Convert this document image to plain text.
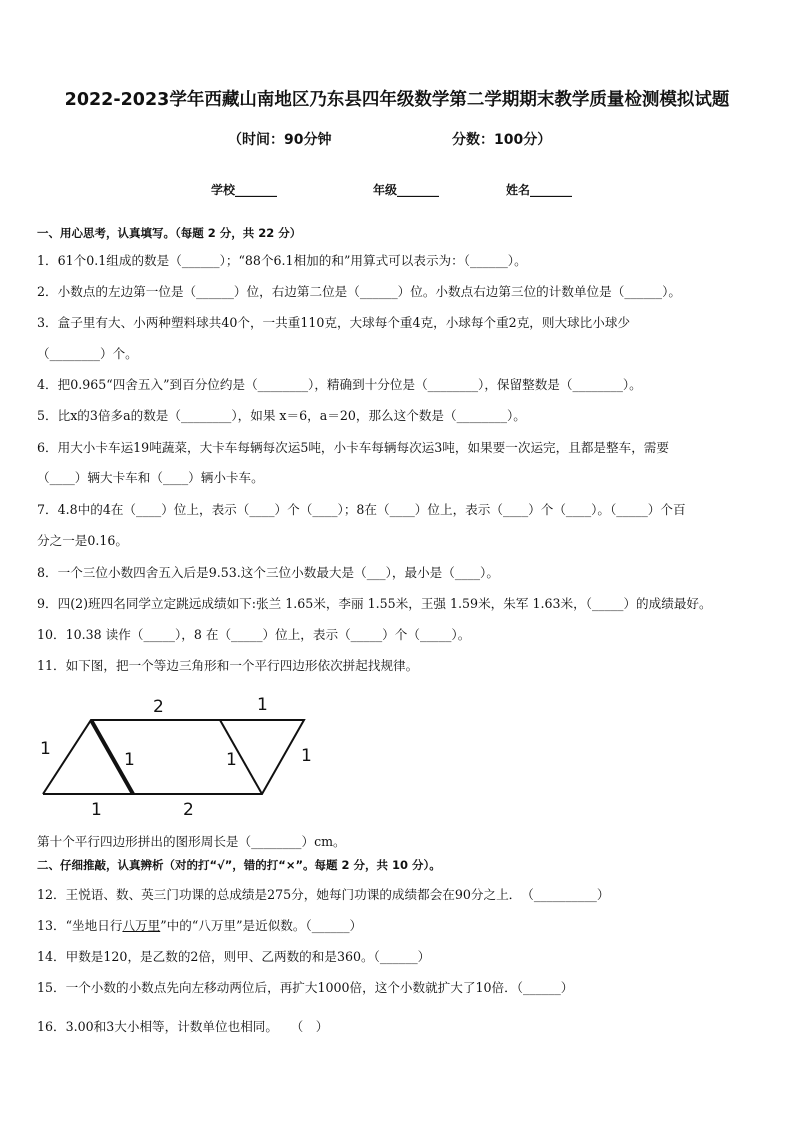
2022-2023学年西藏山南地区乃东县四年级数学第二学期期末教学质量检测模拟试题
（时间：90分钟	分数：100分）
学校_______	年级_______	姓名_______
一、用心思考，认真填写。（每题 2 分，共 22 分）
1．61个0.1组成的数是（______）；“88个6.1相加的和”用算式可以表示为：（______）。
2．小数点的左边第一位是（______）位，右边第二位是（______）位。小数点右边第三位的计数单位是（______）。
3．盒子里有大、小两种塑料球共40个，一共重110克，大球每个重4克，小球每个重2克，则大球比小球少
（________）个。
4．把0.965“四舍五入”到百分位约是（________），精确到十分位是（________），保留整数是（________）。
5．比x的3倍多a的数是（________），如果 x＝6，a＝20，那么这个数是（________）。
6．用大小卡车运19吨蔬菜，大卡车每辆每次运5吨，小卡车每辆每次运3吨，如果要一次运完，且都是整车，需要
（____）辆大卡车和（____）辆小卡车。
7．4.8中的4在（____）位上，表示（____）个（____）；8在（____）位上，表示（____）个（____）。（_____）个百
分之一是0.16。
8．一个三位小数四舍五入后是9.53.这个三位小数最大是（___），最小是（____）。
9．四(2)班四名同学立定跳远成绩如下:张兰 1.65米，李丽 1.55米，王强 1.59米，朱军 1.63米，（_____）的成绩最好。
10．10.38 读作（_____），8 在（_____）位上，表示（_____）个（_____）。
11．如下图，把一个等边三角形和一个平行四边形依次拼起找规律。
1
2	1
1	1	1
1	2
第十个平行四边形拼出的图形周长是（________）cm。
二、仔细推敲，认真辨析（对的打“√”，错的打“×”。每题 2 分，共 10 分）。
12．王悦语、数、英三门功课的总成绩是275分，她每门功课的成绩都会在90分之上．　（__________）
13．“坐地日行八万里”中的“八万里”是近似数。（______）
14．甲数是120，是乙数的2倍，则甲、乙两数的和是360。（______）
15．一个小数的小数点先向左移动两位后，再扩大1000倍，这个小数就扩大了10倍．（______）
16．3.00和3大小相等，计数单位也相同。　　（　）
